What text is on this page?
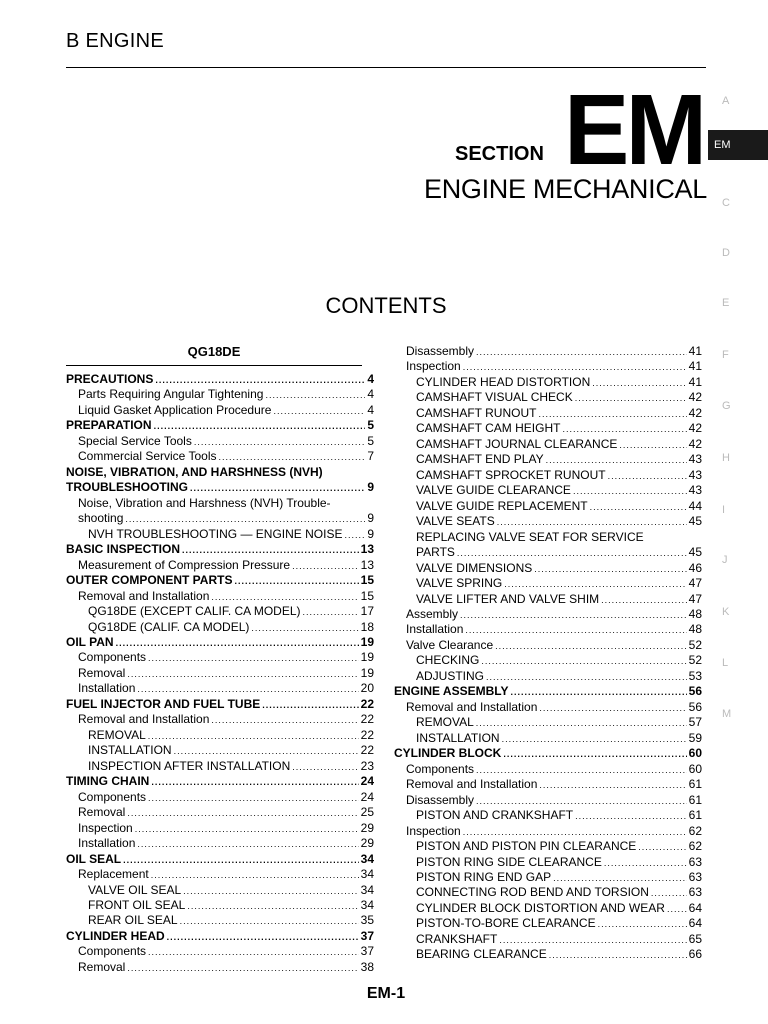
B ENGINE
SECTION EM
ENGINE MECHANICAL
A
EM
C
D
E
F
G
H
I
J
K
L
M
CONTENTS
QG18DE
PRECAUTIONS .....	4
Parts Requiring Angular Tightening .....	4
Liquid Gasket Application Procedure .....	4
PREPARATION .....	5
Special Service Tools .....	5
Commercial Service Tools .....	7
NOISE, VIBRATION, AND HARSHNESS (NVH)
TROUBLESHOOTING .....	9
Noise, Vibration and Harshness (NVH) Trouble-
shooting .....	9
NVH TROUBLESHOOTING — ENGINE NOISE ..... 9
BASIC INSPECTION .....	13
Measurement of Compression Pressure .....	13
OUTER COMPONENT PARTS .....	15
Removal and Installation .....	15
QG18DE (EXCEPT CALIF. CA MODEL) .....	17
QG18DE (CALIF. CA MODEL) .....	18
OIL PAN .....	19
Components .....	19
Removal .....	19
Installation .....	20
FUEL INJECTOR AND FUEL TUBE .....	22
Removal and Installation .....	22
REMOVAL .....	22
INSTALLATION .....	22
INSPECTION AFTER INSTALLATION .....	23
TIMING CHAIN .....	24
Components .....	24
Removal .....	25
Inspection .....	29
Installation .....	29
OIL SEAL .....	34
Replacement .....	34
VALVE OIL SEAL .....	34
FRONT OIL SEAL .....	34
REAR OIL SEAL .....	35
CYLINDER HEAD .....	37
Components .....	37
Removal .....	38
Disassembly .....	41
Inspection .....	41
CYLINDER HEAD DISTORTION .....	41
CAMSHAFT VISUAL CHECK .....	42
CAMSHAFT RUNOUT .....	42
CAMSHAFT CAM HEIGHT .....	42
CAMSHAFT JOURNAL CLEARANCE .....	42
CAMSHAFT END PLAY .....	43
CAMSHAFT SPROCKET RUNOUT .....	43
VALVE GUIDE CLEARANCE .....	43
VALVE GUIDE REPLACEMENT .....	44
VALVE SEATS .....	45
REPLACING VALVE SEAT FOR SERVICE
PARTS .....	45
VALVE DIMENSIONS .....	46
VALVE SPRING .....	47
VALVE LIFTER AND VALVE SHIM .....	47
Assembly .....	48
Installation .....	48
Valve Clearance .....	52
CHECKING .....	52
ADJUSTING .....	53
ENGINE ASSEMBLY .....	56
Removal and Installation .....	56
REMOVAL .....	57
INSTALLATION .....	59
CYLINDER BLOCK .....	60
Components .....	60
Removal and Installation .....	61
Disassembly .....	61
PISTON AND CRANKSHAFT .....	61
Inspection .....	62
PISTON AND PISTON PIN CLEARANCE .....	62
PISTON RING SIDE CLEARANCE .....	63
PISTON RING END GAP .....	63
CONNECTING ROD BEND AND TORSION .....	63
CYLINDER BLOCK DISTORTION AND WEAR ..... 64
PISTON-TO-BORE CLEARANCE .....	64
CRANKSHAFT .....	65
BEARING CLEARANCE .....	66
EM-1
